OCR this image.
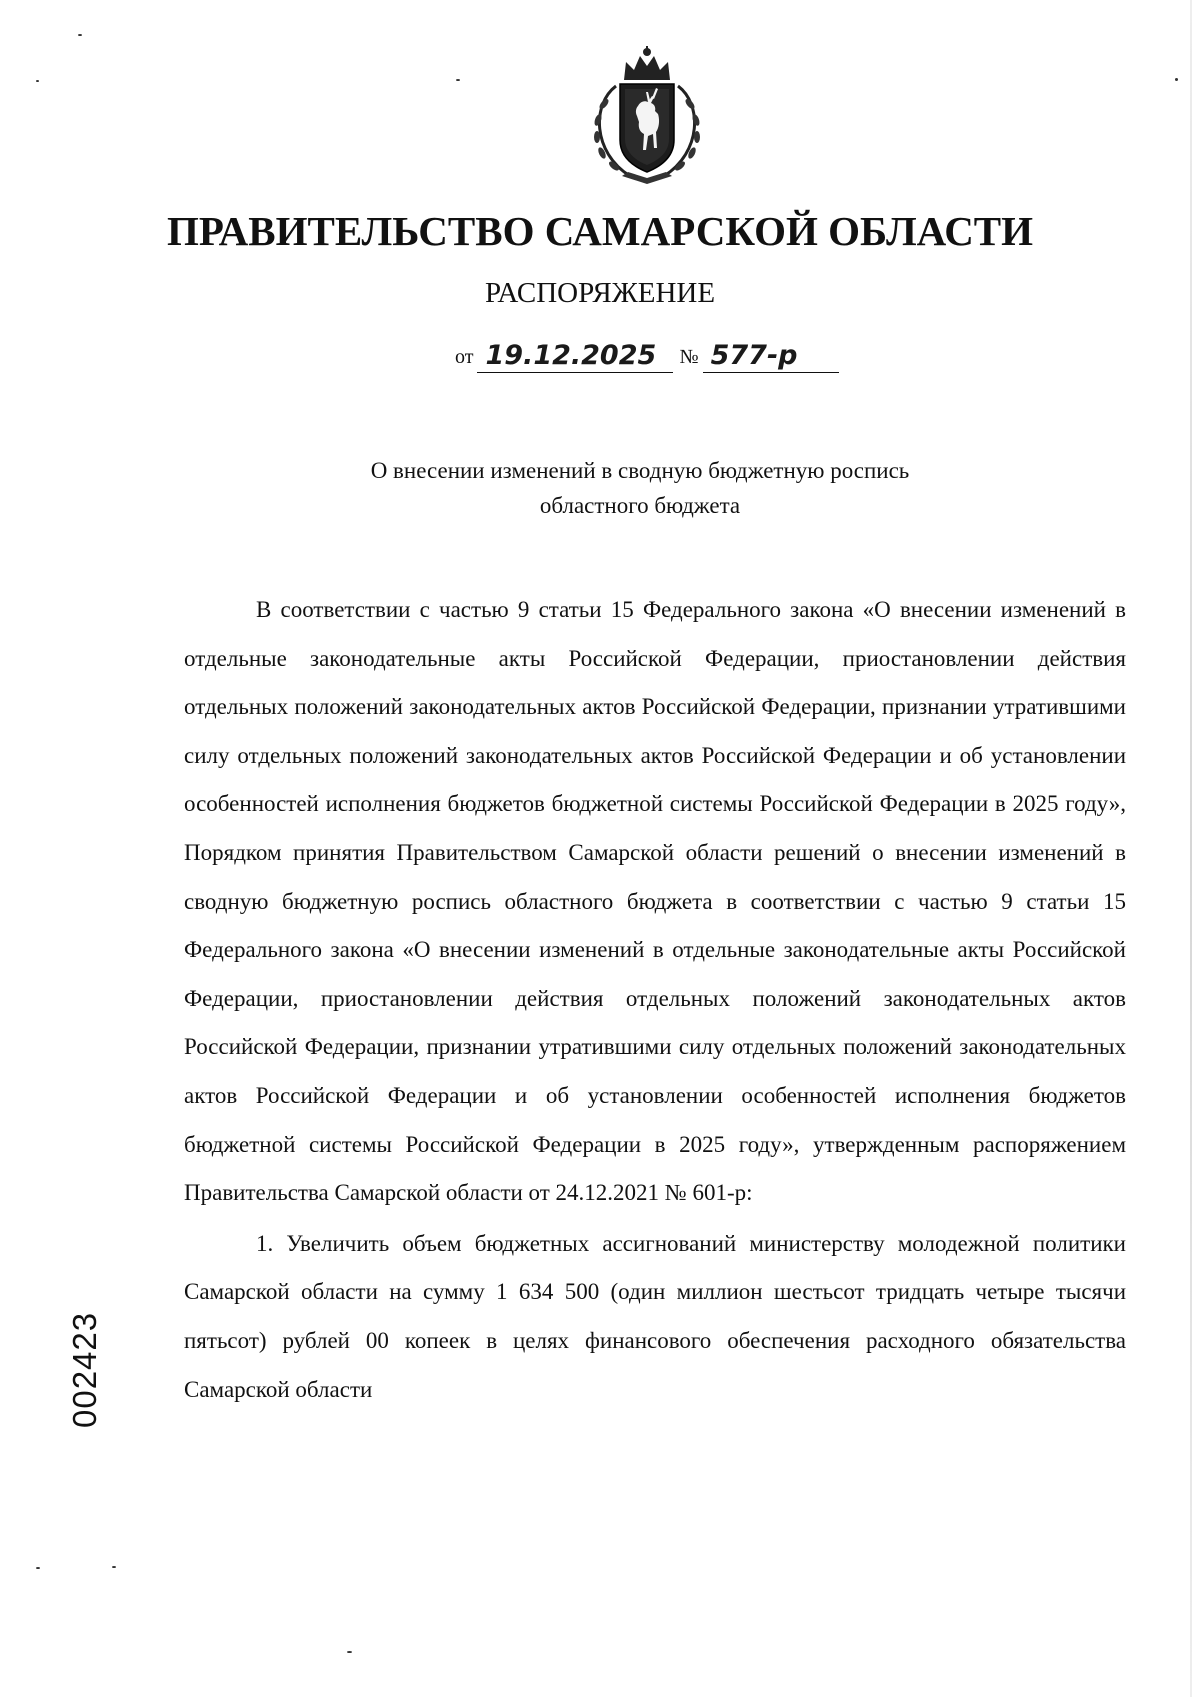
ПРАВИТЕЛЬСТВО САМАРСКОЙ ОБЛАСТИ
РАСПОРЯЖЕНИЕ
от 19.12.2025	№ 577-р
О внесении изменений в сводную бюджетную роспись
областного бюджета

В соответствии с частью 9 статьи 15 Федерального закона «О внесении изменений в отдельные законодательные акты Российской Федерации, приостановлении действия отдельных положений законодательных актов Российской Федерации, признании утратившими силу отдельных положений законодательных актов Российской Федерации и об установлении особенностей исполнения бюджетов бюджетной системы Российской Федерации в 2025 году», Порядком принятия Правительством Самарской области решений о внесении изменений в сводную бюджетную роспись областного бюджета в соответствии с частью 9 статьи 15 Федерального закона «О внесении изменений в отдельные законодательные акты Российской Федерации, приостановлении действия отдельных положений законодательных актов Российской Федерации, признании утратившими силу отдельных положений законодательных актов Российской Федерации и об установлении особенностей исполнения бюджетов бюджетной системы Российской Федерации в 2025 году», утвержденным распоряжением Правительства Самарской области от 24.12.2021 № 601-р:

1. Увеличить объем бюджетных ассигнований министерству молодежной политики Самарской области на сумму 1 634 500 (один миллион шестьсот тридцать четыре тысячи пятьсот) рублей 00 копеек в целях финансового обеспечения расходного обязательства Самарской области

002423
